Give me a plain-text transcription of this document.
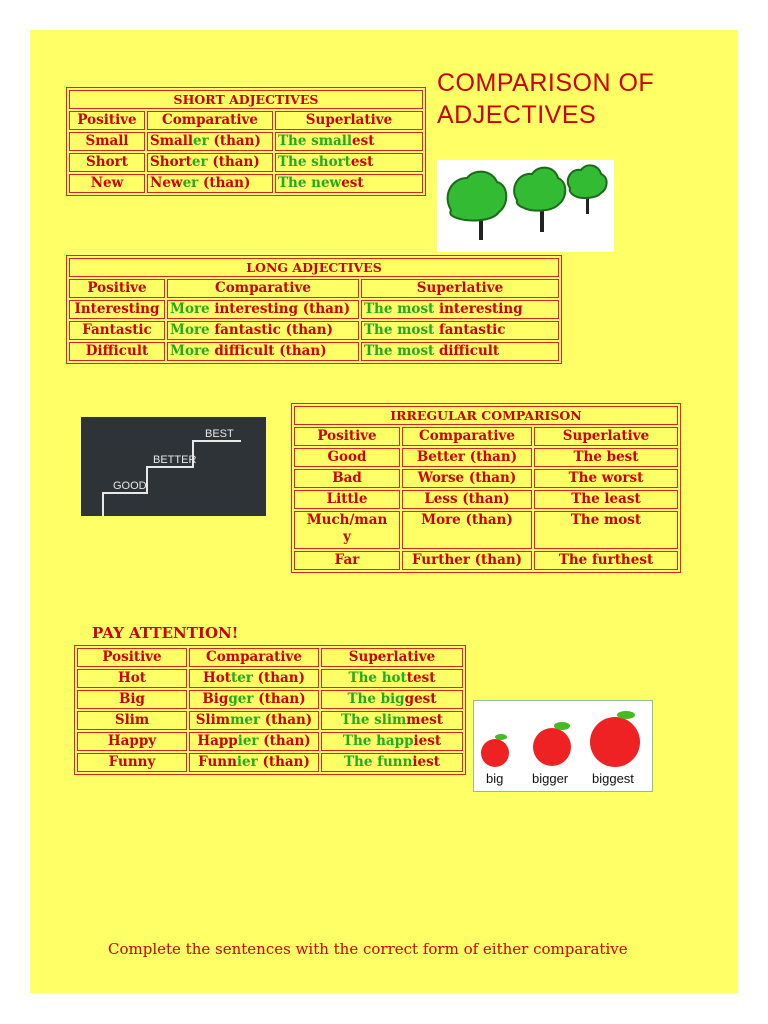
COMPARISON OF ADJECTIVES
SHORT ADJECTIVES		
Positive	Comparative	Superlative
Small	Smaller (than)	The smallest
Short	Shorter (than)	The shortest
New	Newer (than)	The newest
LONG ADJECTIVES		
Positive	Comparative	Superlative
Interesting	More interesting (than)	The most interesting
Fantastic	More fantastic (than)	The most fantastic
Difficult	More difficult (than)	The most difficult
GOOD
BETTER
BEST
IRREGULAR COMPARISON		
Positive	Comparative	Superlative
Good	Better (than)	The best
Bad	Worse (than)	The worst
Little	Less (than)	The least
Much/man
y	More (than)	The most
Far	Further (than)	The furthest
PAY ATTENTION!
Positive	Comparative	Superlative
Hot	Hotter (than)	The hottest
Big	Bigger (than)	The biggest
Slim	Slimmer (than)	The slimmest
Happy	Happier (than)	The happiest
Funny	Funnier (than)	The funniest
big bigger biggest
Complete the sentences with the correct form of either comparative
